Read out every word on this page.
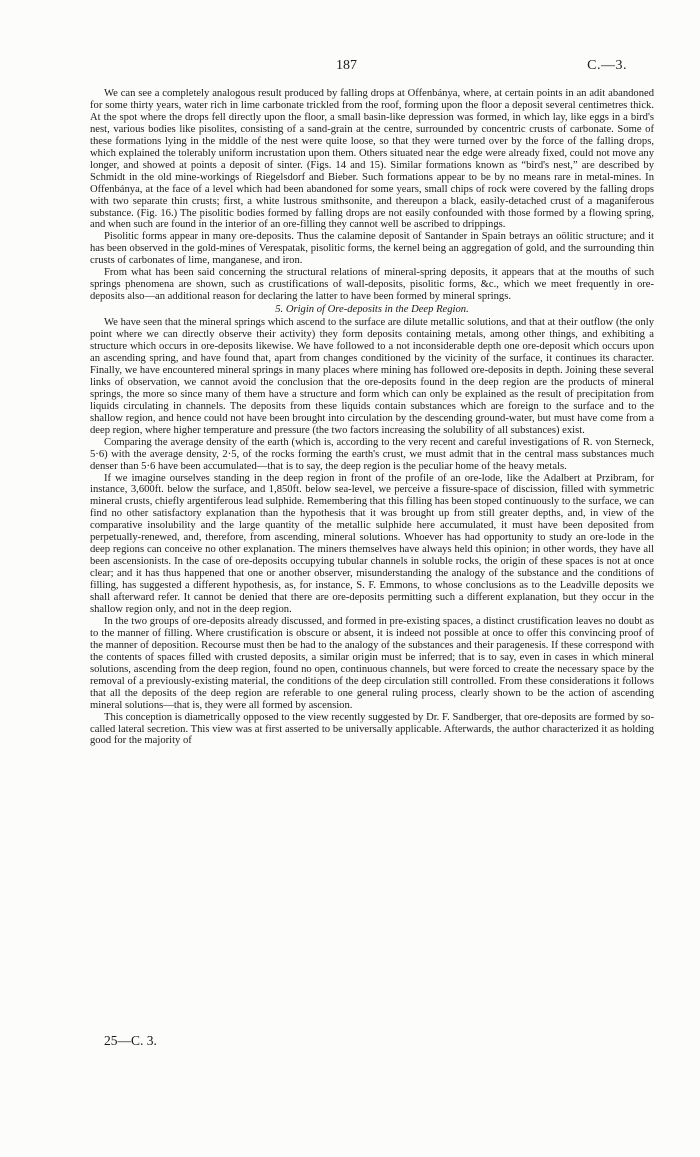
187	C.—3.

We can see a completely analogous result produced by falling drops at Offenbánya, where, at certain points in an adit abandoned for some thirty years, water rich in lime carbonate trickled from the roof, forming upon the floor a deposit several centimetres thick. At the spot where the drops fell directly upon the floor, a small basin-like depression was formed, in which lay, like eggs in a bird's nest, various bodies like pisolites, consisting of a sand-grain at the centre, surrounded by concentric crusts of carbonate. Some of these formations lying in the middle of the nest were quite loose, so that they were turned over by the force of the falling drops, which explained the tolerably uniform incrustation upon them. Others situated near the edge were already fixed, could not move any longer, and showed at points a deposit of sinter. (Figs. 14 and 15). Similar formations known as “bird's nest,” are described by Schmidt in the old mine-workings of Riegelsdorf and Bieber. Such formations appear to be by no means rare in metal-mines. In Offenbánya, at the face of a level which had been abandoned for some years, small chips of rock were covered by the falling drops with two separate thin crusts; first, a white lustrous smithsonite, and thereupon a black, easily-detached crust of a maganiferous substance. (Fig. 16.) The pisolitic bodies formed by falling drops are not easily confounded with those formed by a flowing spring, and when such are found in the interior of an ore-filling they cannot well be ascribed to drippings.

Pisolitic forms appear in many ore-deposits. Thus the calamine deposit of Santander in Spain betrays an oölitic structure; and it has been observed in the gold-mines of Verespatak, pisolitic forms, the kernel being an aggregation of gold, and the surrounding thin crusts of carbonates of lime, manganese, and iron.

From what has been said concerning the structural relations of mineral-spring deposits, it appears that at the mouths of such springs phenomena are shown, such as crustifications of wall-deposits, pisolitic forms, &c., which we meet frequently in ore-deposits also—an additional reason for declaring the latter to have been formed by mineral springs.

5. Origin of Ore-deposits in the Deep Region.

We have seen that the mineral springs which ascend to the surface are dilute metallic solutions, and that at their outflow (the only point where we can directly observe their activity) they form deposits containing metals, among other things, and exhibiting a structure which occurs in ore-deposits likewise. We have followed to a not inconsiderable depth one ore-deposit which occurs upon an ascending spring, and have found that, apart from changes conditioned by the vicinity of the surface, it continues its character. Finally, we have encountered mineral springs in many places where mining has followed ore-deposits in depth. Joining these several links of observation, we cannot avoid the conclusion that the ore-deposits found in the deep region are the products of mineral springs, the more so since many of them have a structure and form which can only be explained as the result of precipitation from liquids circulating in channels. The deposits from these liquids contain substances which are foreign to the surface and to the shallow region, and hence could not have been brought into circulation by the descending ground-water, but must have come from a deep region, where higher temperature and pressure (the two factors increasing the solubility of all substances) exist.

Comparing the average density of the earth (which is, according to the very recent and careful investigations of R. von Sterneck, 5·6) with the average density, 2·5, of the rocks forming the earth's crust, we must admit that in the central mass substances much denser than 5·6 have been accumulated—that is to say, the deep region is the peculiar home of the heavy metals.

If we imagine ourselves standing in the deep region in front of the profile of an ore-lode, like the Adalbert at Przibram, for instance, 3,600ft. below the surface, and 1,850ft. below sea-level, we perceive a fissure-space of discission, filled with symmetric mineral crusts, chiefly argentiferous lead sulphide. Remembering that this filling has been stoped continuously to the surface, we can find no other satisfactory explanation than the hypothesis that it was brought up from still greater depths, and, in view of the comparative insolubility and the large quantity of the metallic sulphide here accumulated, it must have been deposited from perpetually-renewed, and, therefore, from ascending, mineral solutions. Whoever has had opportunity to study an ore-lode in the deep regions can conceive no other explanation. The miners themselves have always held this opinion; in other words, they have all been ascensionists. In the case of ore-deposits occupying tubular channels in soluble rocks, the origin of these spaces is not at once clear; and it has thus happened that one or another observer, misunderstanding the analogy of the substance and the conditions of filling, has suggested a different hypothesis, as, for instance, S. F. Emmons, to whose conclusions as to the Leadville deposits we shall afterward refer. It cannot be denied that there are ore-deposits permitting such a different explanation, but they occur in the shallow region only, and not in the deep region.

In the two groups of ore-deposits already discussed, and formed in pre-existing spaces, a distinct crustification leaves no doubt as to the manner of filling. Where crustification is obscure or absent, it is indeed not possible at once to offer this convincing proof of the manner of deposition. Recourse must then be had to the analogy of the substances and their paragenesis. If these correspond with the contents of spaces filled with crusted deposits, a similar origin must be inferred; that is to say, even in cases in which mineral solutions, ascending from the deep region, found no open, continuous channels, but were forced to create the necessary space by the removal of a previously-existing material, the conditions of the deep circulation still controlled. From these considerations it follows that all the deposits of the deep region are referable to one general ruling process, clearly shown to be the action of ascending mineral solutions—that is, they were all formed by ascension.

This conception is diametrically opposed to the view recently suggested by Dr. F. Sandberger, that ore-deposits are formed by so-called lateral secretion. This view was at first asserted to be universally applicable. Afterwards, the author characterized it as holding good for the majority of

25—C. 3.
